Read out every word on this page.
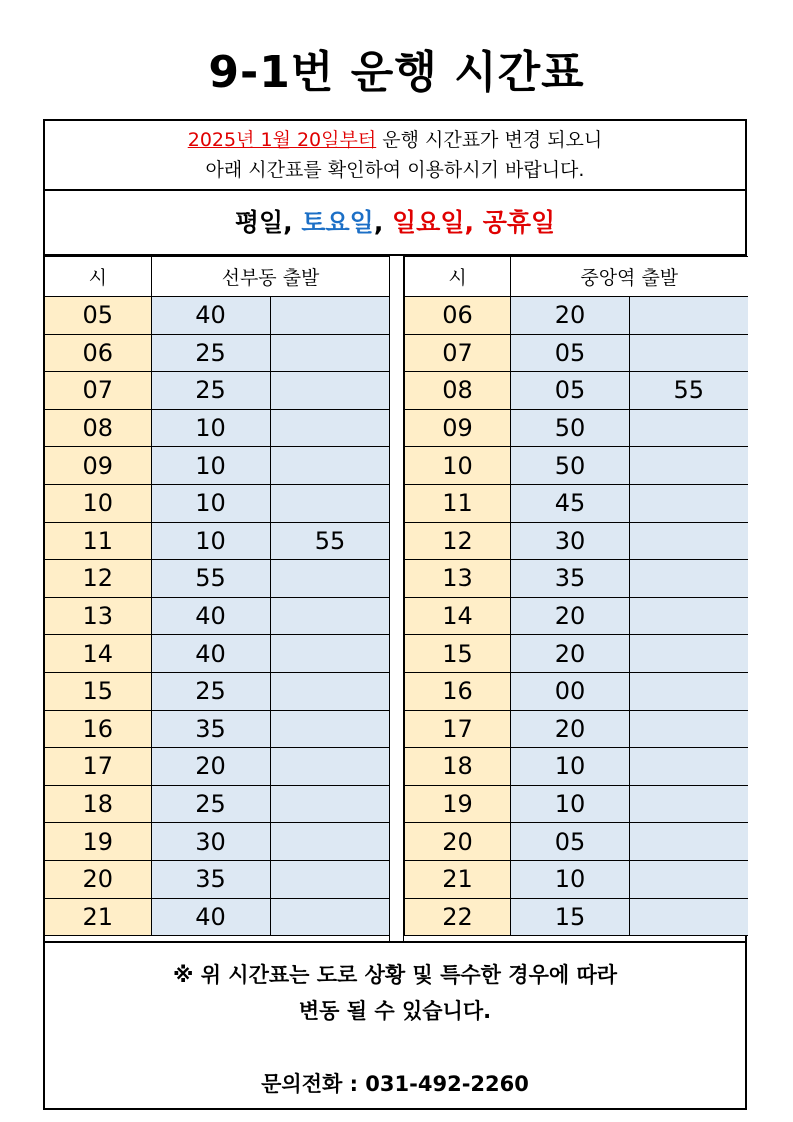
9-1번 운행 시간표
2025년 1월 20일부터 운행 시간표가 변경 되오니
아래 시간표를 확인하여 이용하시기 바랍니다.
평일, 토요일, 일요일, 공휴일
시	선부동 출발	
05	40	
06	25	
07	25	
08	10	
09	10	
10	10	
11	10	55
12	55	
13	40	
14	40	
15	25	
16	35	
17	20	
18	25	
19	30	
20	35	
21	40	
시	중앙역 출발	
06	20	
07	05	
08	05	55
09	50	
10	50	
11	45	
12	30	
13	35	
14	20	
15	20	
16	00	
17	20	
18	10	
19	10	
20	05	
21	10	
22	15	
※ 위 시간표는 도로 상황 및 특수한 경우에 따라
변동 될 수 있습니다.
문의전화 : 031-492-2260
